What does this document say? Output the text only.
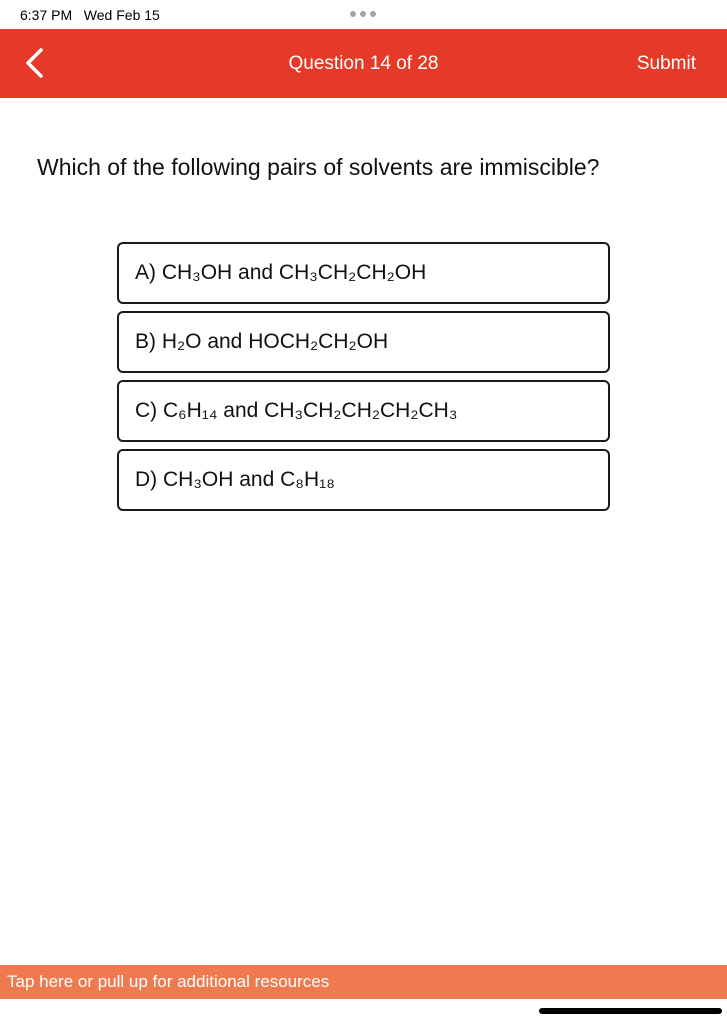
6:37 PM   Wed Feb 15
Question 14 of 28	Submit
Which of the following pairs of solvents are immiscible?
A) CH₃OH and CH₃CH₂CH₂OH
B) H₂O and HOCH₂CH₂OH
C) C₆H₁₄ and CH₃CH₂CH₂CH₂CH₃
D) CH₃OH and C₈H₁₈
Tap here or pull up for additional resources
